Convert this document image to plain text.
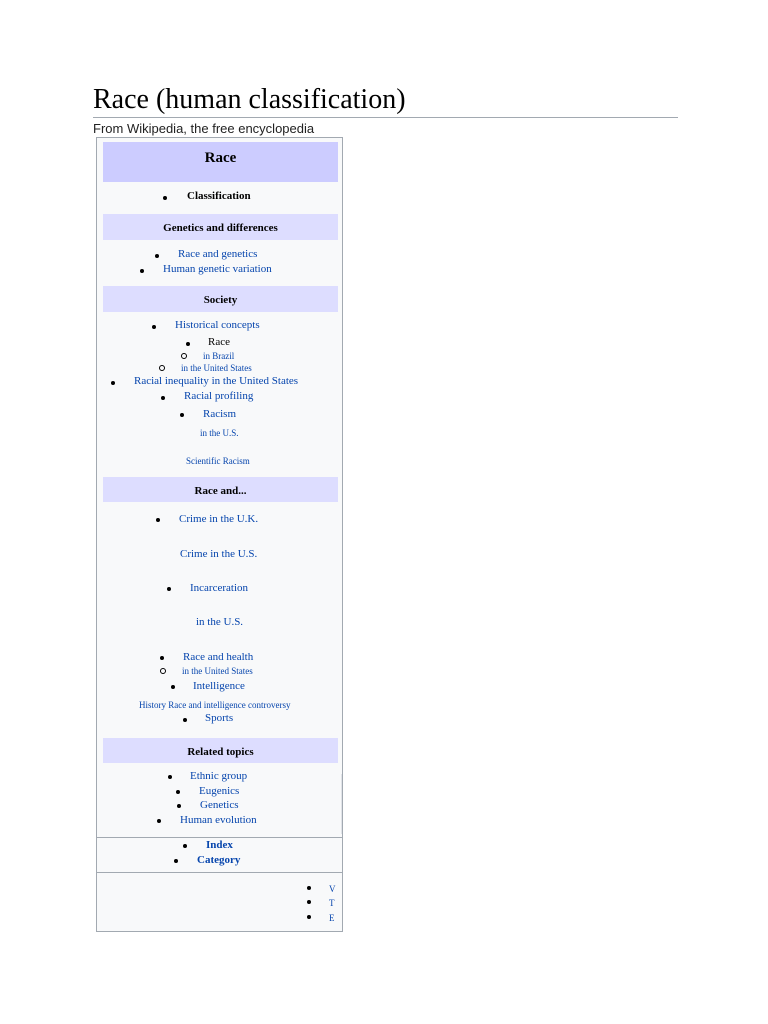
Race (human classification)
From Wikipedia, the free encyclopedia
Race
Classification
Genetics and differences
Race and genetics
Human genetic variation
Society
Historical concepts
Race
in Brazil
in the United States
Racial inequality in the United States
Racial profiling
Racism
in the U.S.
Scientific Racism
Race and...
Crime in the U.K.
Crime in the U.S.
Incarceration
in the U.S.
Race and health
in the United States
Intelligence
History Race and intelligence controversy
Sports
Related topics
Ethnic group
Eugenics
Genetics
Human evolution
Index
Category
V
T
E
